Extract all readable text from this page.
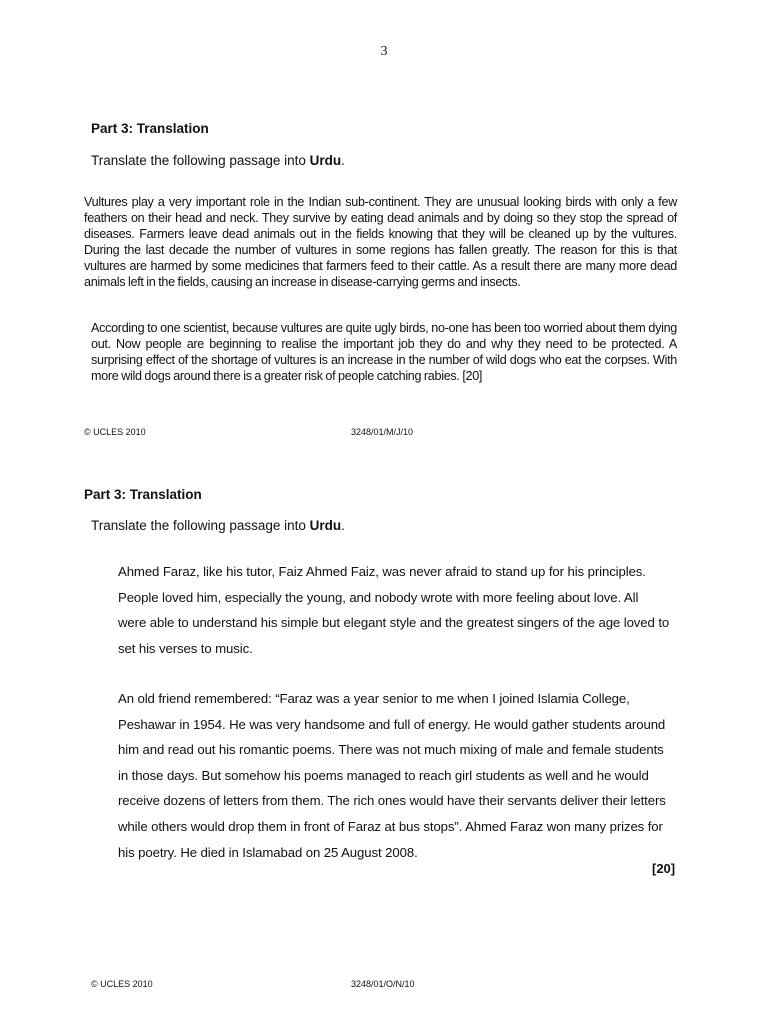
3
Part 3: Translation
Translate the following passage into Urdu.
Vultures play a very important role in the Indian sub-continent. They are unusual looking birds with only a few feathers on their head and neck. They survive by eating dead animals and by doing so they stop the spread of diseases. Farmers leave dead animals out in the fields knowing that they will be cleaned up by the vultures. During the last decade the number of vultures in some regions has fallen greatly. The reason for this is that vultures are harmed by some medicines that farmers feed to their cattle. As a result there are many more dead animals left in the fields, causing an increase in disease-carrying germs and insects.
According to one scientist, because vultures are quite ugly birds, no-one has been too worried about them dying out. Now people are beginning to realise the important job they do and why they need to be protected. A surprising effect of the shortage of vultures is an increase in the number of wild dogs who eat the corpses. With more wild dogs around there is a greater risk of people catching rabies. [20]
© UCLES 2010	3248/01/M/J/10
Part 3: Translation
Translate the following passage into Urdu.
Ahmed Faraz, like his tutor, Faiz Ahmed Faiz, was never afraid to stand up for his principles. People loved him, especially the young, and nobody wrote with more feeling about love. All were able to understand his simple but elegant style and the greatest singers of the age loved to set his verses to music.
An old friend remembered: “Faraz was a year senior to me when I joined Islamia College, Peshawar in 1954. He was very handsome and full of energy. He would gather students around him and read out his romantic poems. There was not much mixing of male and female students in those days. But somehow his poems managed to reach girl students as well and he would receive dozens of letters from them. The rich ones would have their servants deliver their letters while others would drop them in front of Faraz at bus stops”. Ahmed Faraz won many prizes for his poetry. He died in Islamabad on 25 August 2008.
[20]
© UCLES 2010	3248/01/O/N/10
